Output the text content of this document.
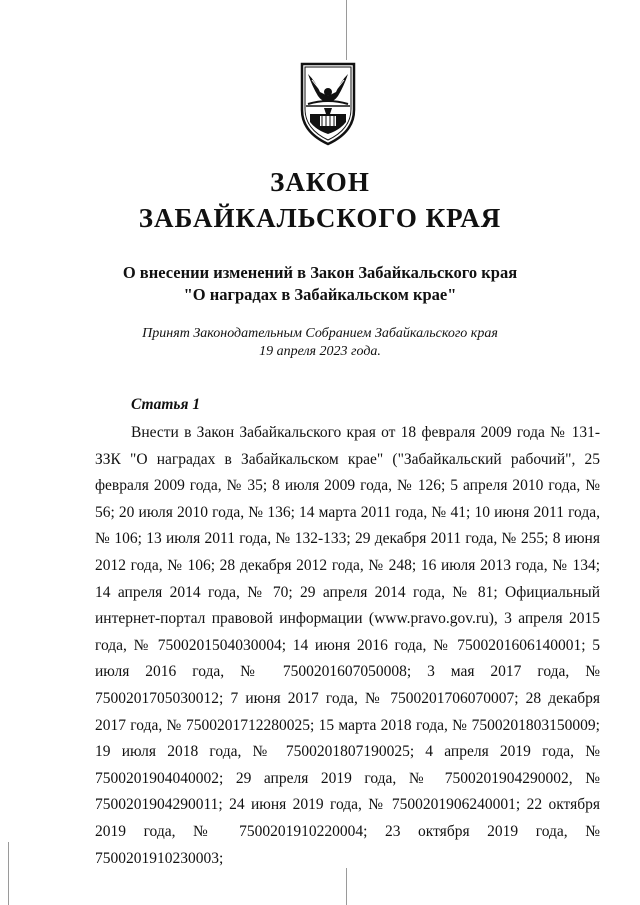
ЗАКОН
ЗАБАЙКАЛЬСКОГО КРАЯ
О внесении изменений в Закон Забайкальского края
"О наградах в Забайкальском крае"
Принят Законодательным Собранием Забайкальского края
19 апреля 2023 года.
Статья 1
Внести в Закон Забайкальского края от 18 февраля 2009 года № 131-ЗЗК "О наградах в Забайкальском крае" ("Забайкальский рабочий", 25 февраля 2009 года, № 35; 8 июля 2009 года, № 126; 5 апреля 2010 года, № 56; 20 июля 2010 года, № 136; 14 марта 2011 года, № 41; 10 июня 2011 года, № 106; 13 июля 2011 года, № 132-133; 29 декабря 2011 года, № 255; 8 июня 2012 года, № 106; 28 декабря 2012 года, № 248; 16 июля 2013 года, № 134; 14 апреля 2014 года, № 70; 29 апреля 2014 года, № 81; Официальный интернет-портал правовой информации (www.pravo.gov.ru), 3 апреля 2015 года, № 7500201504030004; 14 июня 2016 года, № 7500201606140001; 5 июля 2016 года, № 7500201607050008; 3 мая 2017 года, № 7500201705030012; 7 июня 2017 года, № 7500201706070007; 28 декабря 2017 года, № 7500201712280025; 15 марта 2018 года, № 7500201803150009; 19 июля 2018 года, № 7500201807190025; 4 апреля 2019 года, № 7500201904040002; 29 апреля 2019 года, № 7500201904290002, № 7500201904290011; 24 июня 2019 года, № 7500201906240001; 22 октября 2019 года, № 7500201910220004; 23 октября 2019 года, № 7500201910230003;
